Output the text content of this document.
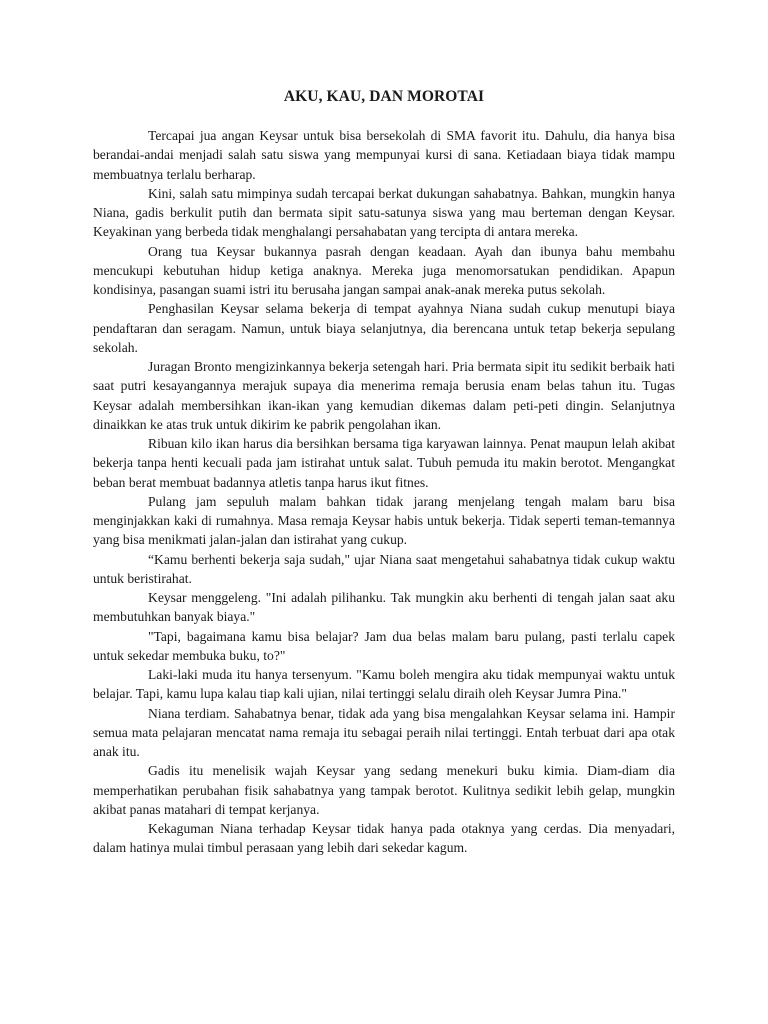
AKU, KAU, DAN MOROTAI

Tercapai jua angan Keysar untuk bisa bersekolah di SMA favorit itu. Dahulu, dia hanya bisa berandai-andai menjadi salah satu siswa yang mempunyai kursi di sana. Ketiadaan biaya tidak mampu membuatnya terlalu berharap.

Kini, salah satu mimpinya sudah tercapai berkat dukungan sahabatnya. Bahkan, mungkin hanya Niana, gadis berkulit putih dan bermata sipit satu-satunya siswa yang mau berteman dengan Keysar. Keyakinan yang berbeda tidak menghalangi persahabatan yang tercipta di antara mereka.

Orang tua Keysar bukannya pasrah dengan keadaan. Ayah dan ibunya bahu membahu mencukupi kebutuhan hidup ketiga anaknya. Mereka juga menomorsatukan pendidikan. Apapun kondisinya, pasangan suami istri itu berusaha jangan sampai anak-anak mereka putus sekolah.

Penghasilan Keysar selama bekerja di tempat ayahnya Niana sudah cukup menutupi biaya pendaftaran dan seragam. Namun, untuk biaya selanjutnya, dia berencana untuk tetap bekerja sepulang sekolah.

Juragan Bronto mengizinkannya bekerja setengah hari. Pria bermata sipit itu sedikit berbaik hati saat putri kesayangannya merajuk supaya dia menerima remaja berusia enam belas tahun itu. Tugas Keysar adalah membersihkan ikan-ikan yang kemudian dikemas dalam peti-peti dingin. Selanjutnya dinaikkan ke atas truk untuk dikirim ke pabrik pengolahan ikan.

Ribuan kilo ikan harus dia bersihkan bersama tiga karyawan lainnya. Penat maupun lelah akibat bekerja tanpa henti kecuali pada jam istirahat untuk salat. Tubuh pemuda itu makin berotot. Mengangkat beban berat membuat badannya atletis tanpa harus ikut fitnes.

Pulang jam sepuluh malam bahkan tidak jarang menjelang tengah malam baru bisa menginjakkan kaki di rumahnya. Masa remaja Keysar habis untuk bekerja. Tidak seperti teman-temannya yang bisa menikmati jalan-jalan dan istirahat yang cukup.

“Kamu berhenti bekerja saja sudah," ujar Niana saat mengetahui sahabatnya tidak cukup waktu untuk beristirahat.

Keysar menggeleng. "Ini adalah pilihanku. Tak mungkin aku berhenti di tengah jalan saat aku membutuhkan banyak biaya."

"Tapi, bagaimana kamu bisa belajar? Jam dua belas malam baru pulang, pasti terlalu capek untuk sekedar membuka buku, to?"

Laki-laki muda itu hanya tersenyum. "Kamu boleh mengira aku tidak mempunyai waktu untuk belajar. Tapi, kamu lupa kalau tiap kali ujian, nilai tertinggi selalu diraih oleh Keysar Jumra Pina."

Niana terdiam. Sahabatnya benar, tidak ada yang bisa mengalahkan Keysar selama ini. Hampir semua mata pelajaran mencatat nama remaja itu sebagai peraih nilai tertinggi. Entah terbuat dari apa otak anak itu.

Gadis itu menelisik wajah Keysar yang sedang menekuri buku kimia. Diam-diam dia memperhatikan perubahan fisik sahabatnya yang tampak berotot. Kulitnya sedikit lebih gelap, mungkin akibat panas matahari di tempat kerjanya.

Kekaguman Niana terhadap Keysar tidak hanya pada otaknya yang cerdas. Dia menyadari, dalam hatinya mulai timbul perasaan yang lebih dari sekedar kagum.
